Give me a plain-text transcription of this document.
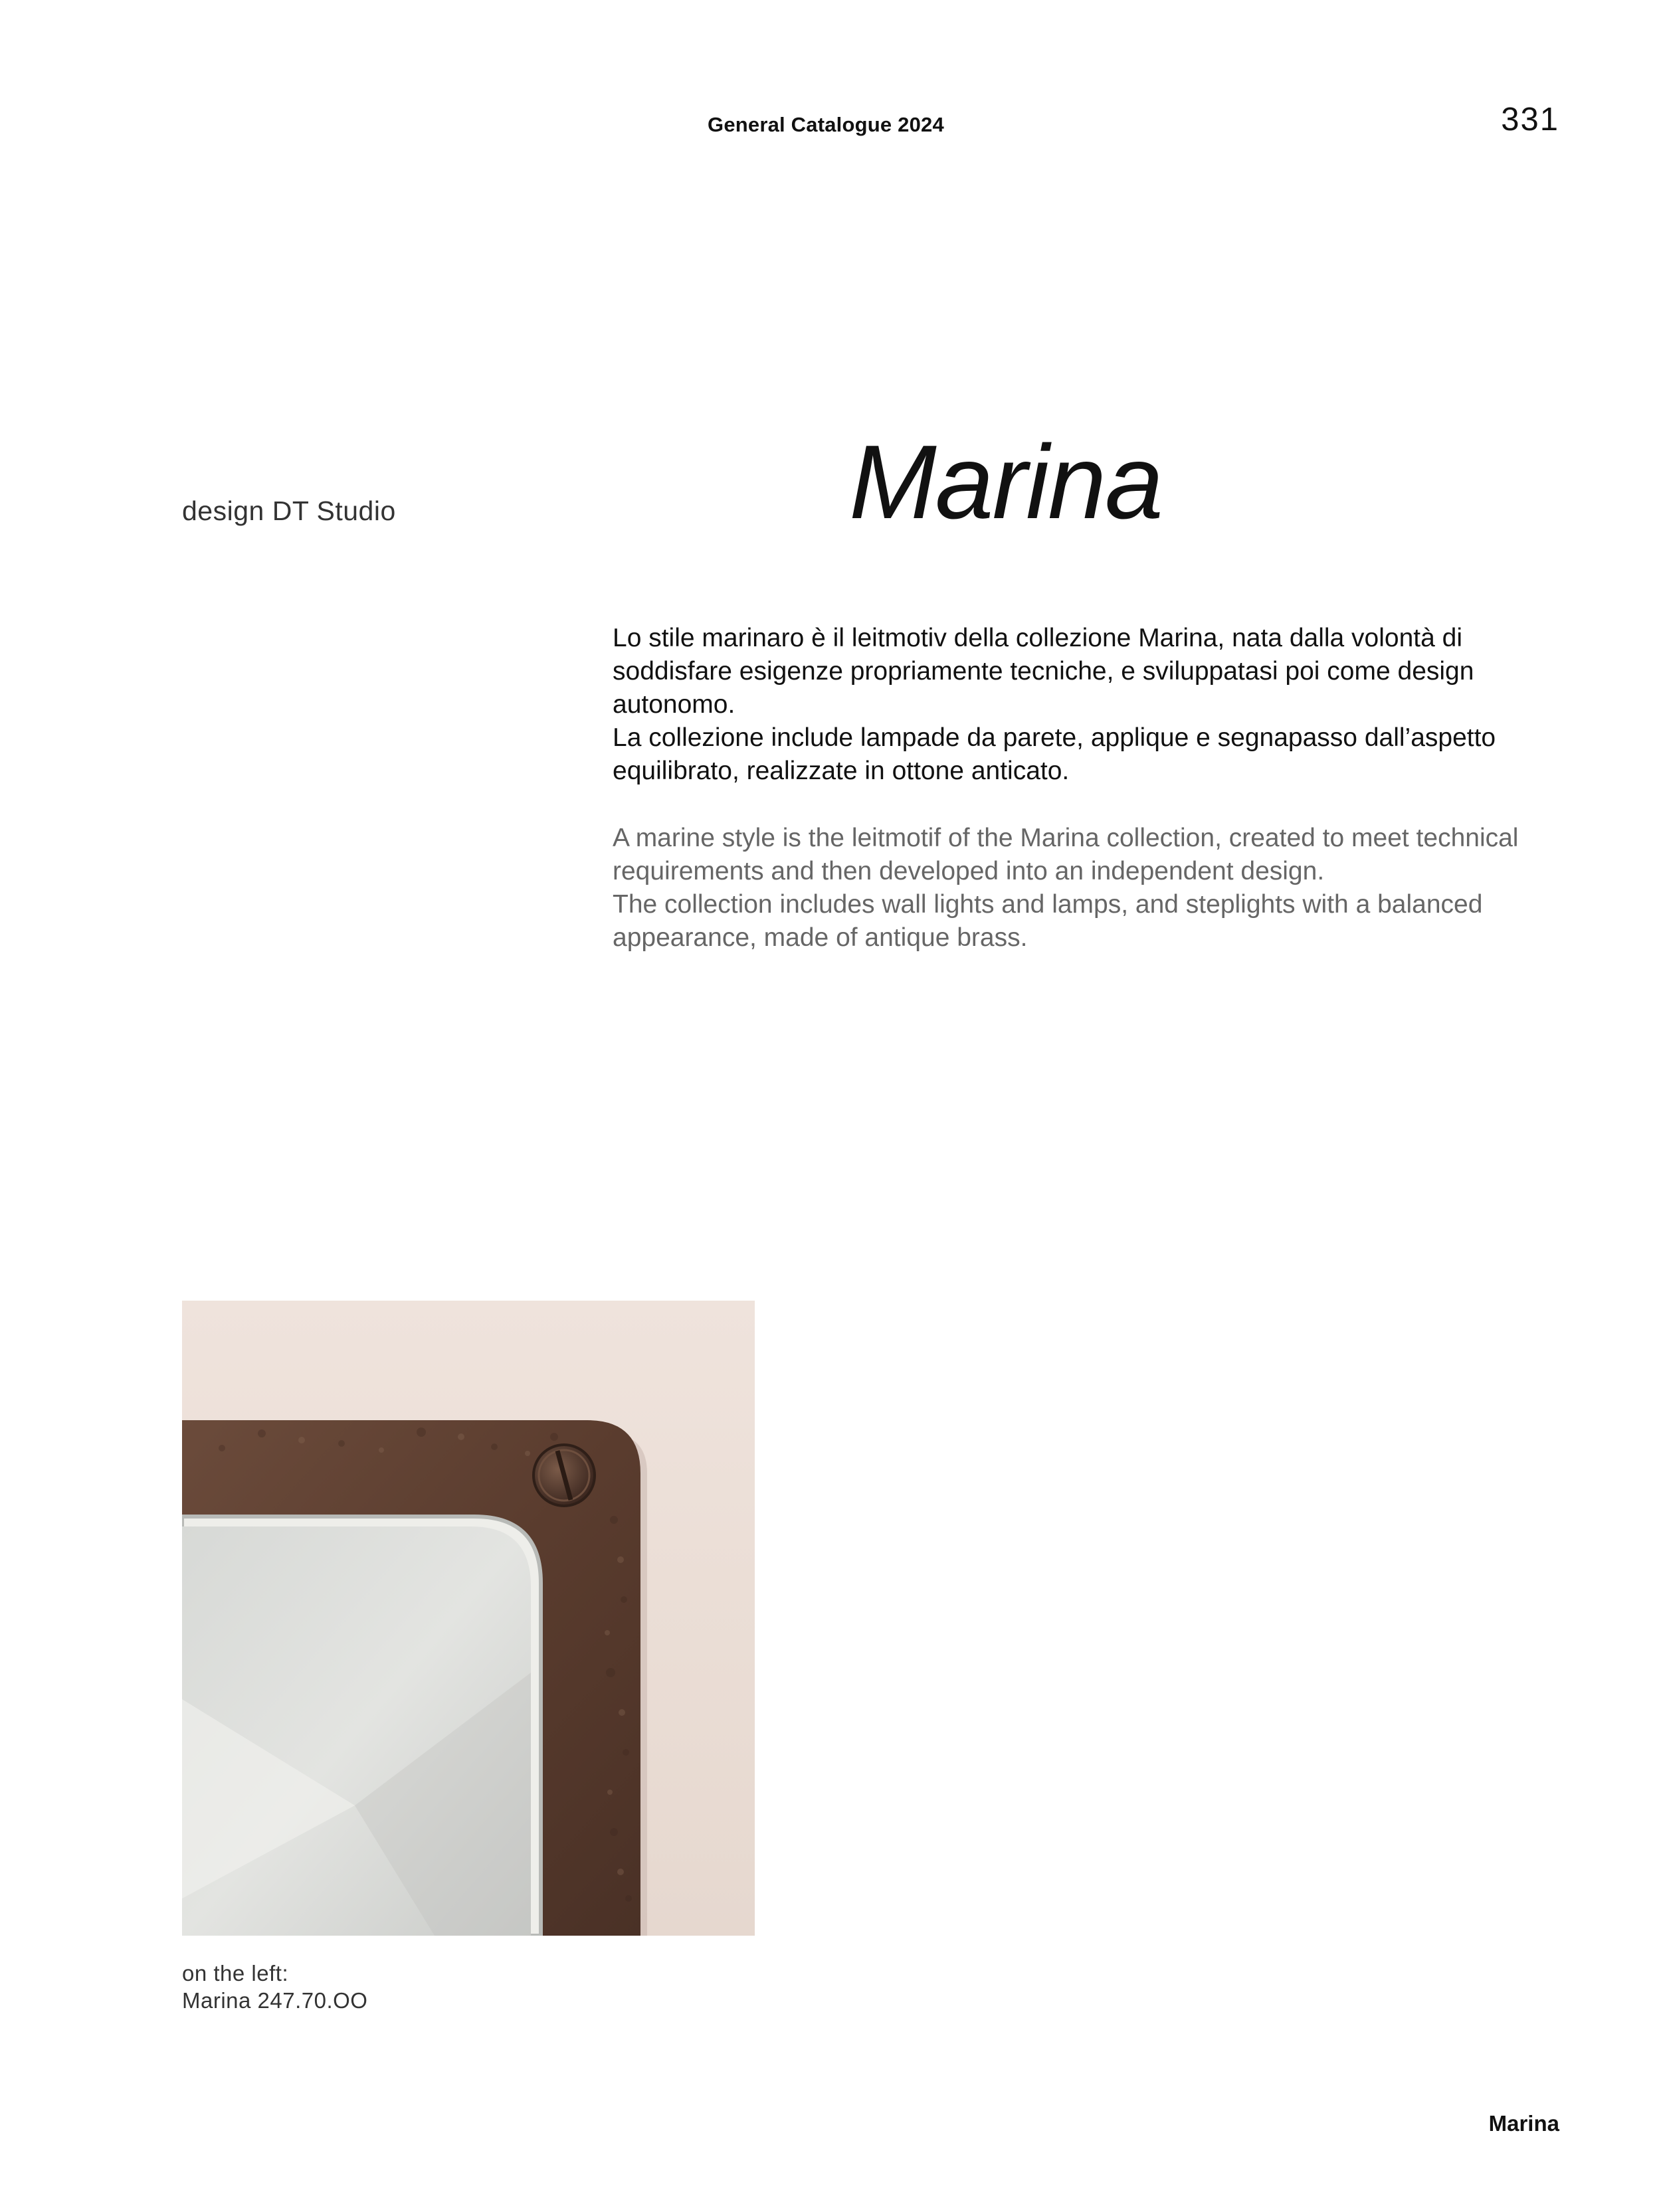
General Catalogue 2024	331
design DT Studio	Marina

Lo stile marinaro è il leitmotiv della collezione Marina, nata dalla volontà di soddisfare esigenze propriamente tecniche, e sviluppatasi poi come design autonomo.

La collezione include lampade da parete, applique e segnapasso dall’aspetto equilibrato, realizzate in ottone anticato.

A marine style is the leitmotif of the Marina collection, created to meet technical requirements and then developed into an independent design.

The collection includes wall lights and lamps, and steplights with a balanced appearance, made of antique brass.

on the left:
Marina 247.70.OO
Marina
